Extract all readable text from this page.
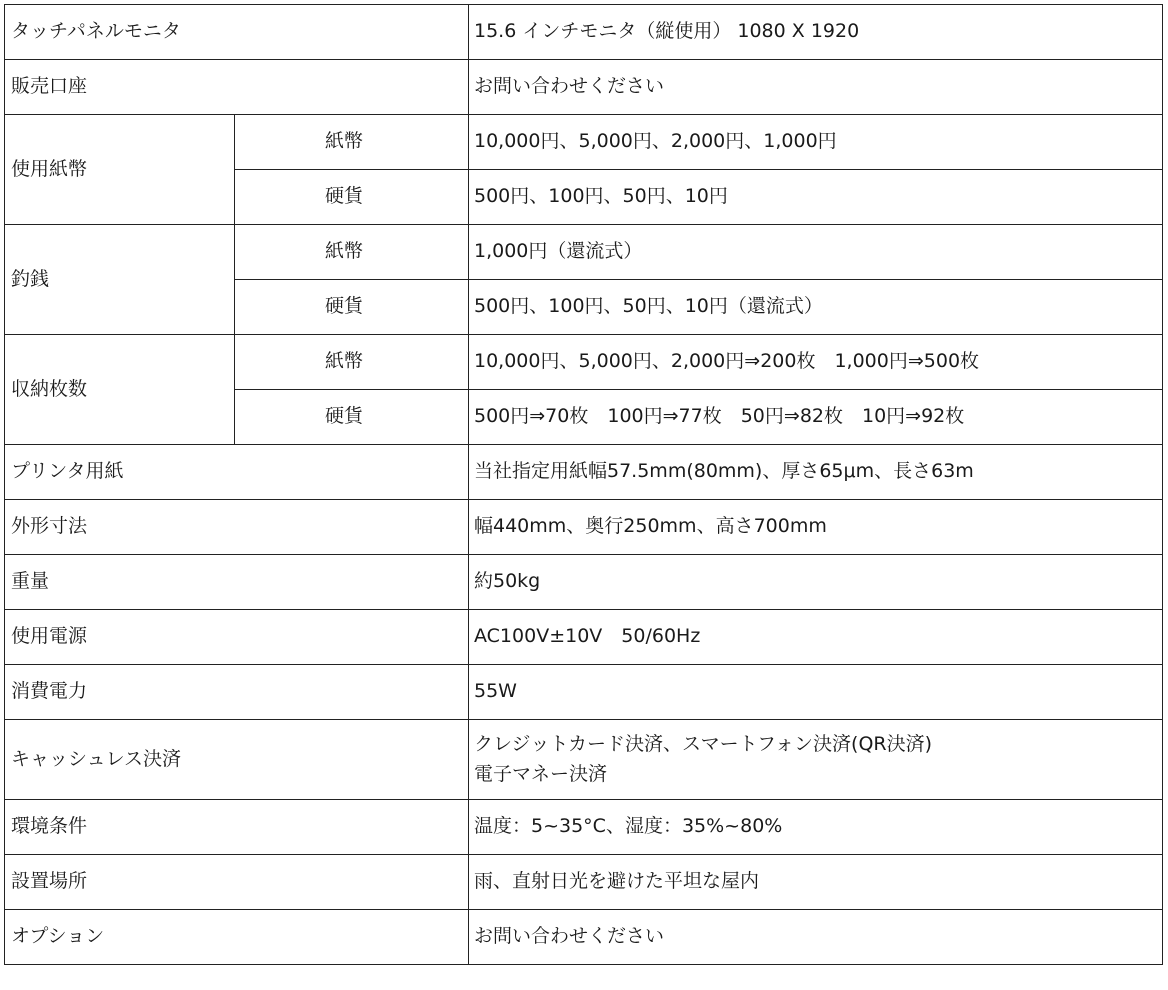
タッチパネルモニタ		15.6 インチモニタ（縦使用） 1080 X 1920
販売口座		お問い合わせください
使用紙幣	紙幣	10,000円、5,000円、2,000円、1,000円
	硬貨	500円、100円、50円、10円
釣銭	紙幣	1,000円（還流式）
	硬貨	500円、100円、50円、10円（還流式）
収納枚数	紙幣	10,000円、5,000円、2,000円⇒200枚　1,000円⇒500枚
	硬貨	500円⇒70枚　100円⇒77枚　50円⇒82枚　10円⇒92枚
プリンタ用紙		当社指定用紙幅57.5mm(80mm)、厚さ65μm、長さ63m
外形寸法		幅440mm、奥行250mm、高さ700mm
重量		約50kg
使用電源		AC100V±10V　50/60Hz
消費電力		55W
キャッシュレス決済		クレジットカード決済、スマートフォン決済(QR決済)
電子マネー決済

環境条件		温度：5~35°C、湿度：35%~80%
設置場所		雨、直射日光を避けた平坦な屋内
オプション		お問い合わせください
